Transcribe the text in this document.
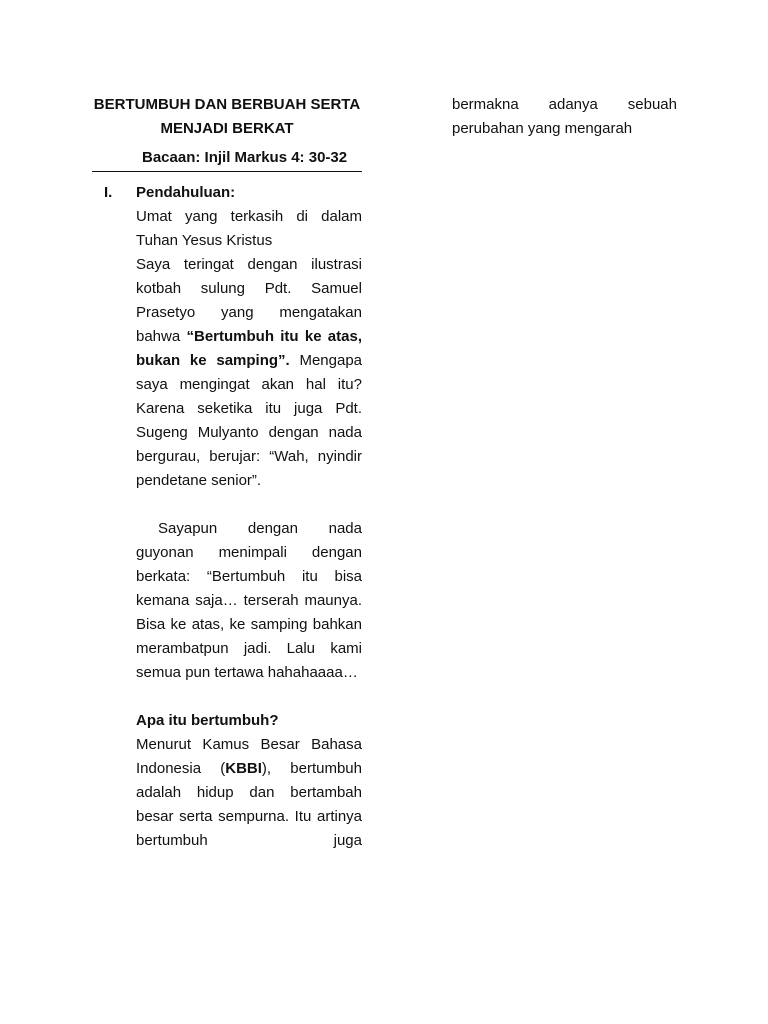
BERTUMBUH DAN BERBUAH SERTA
MENJADI BERKAT
Bacaan: Injil Markus 4: 30-32
I.	Pendahuluan:
Umat yang terkasih di dalam Tuhan Yesus Kristus
Saya teringat dengan ilustrasi kotbah sulung Pdt. Samuel Prasetyo yang mengatakan bahwa “Bertumbuh itu ke atas, bukan ke samping”. Mengapa saya mengingat akan hal itu? Karena seketika itu juga Pdt. Sugeng Mulyanto dengan nada bergurau, berujar: “Wah, nyindir pendetane senior”.
Sayapun dengan nada guyonan menimpali dengan berkata: “Bertumbuh itu bisa kemana saja… terserah maunya. Bisa ke atas, ke samping bahkan merambatpun jadi. Lalu kami semua pun tertawa hahahaaaa…
Apa itu bertumbuh?
Menurut Kamus Besar Bahasa Indonesia (KBBI), bertumbuh adalah hidup dan bertambah besar serta sempurna. Itu artinya bertumbuh juga
bermakna adanya sebuah
perubahan yang mengarah
